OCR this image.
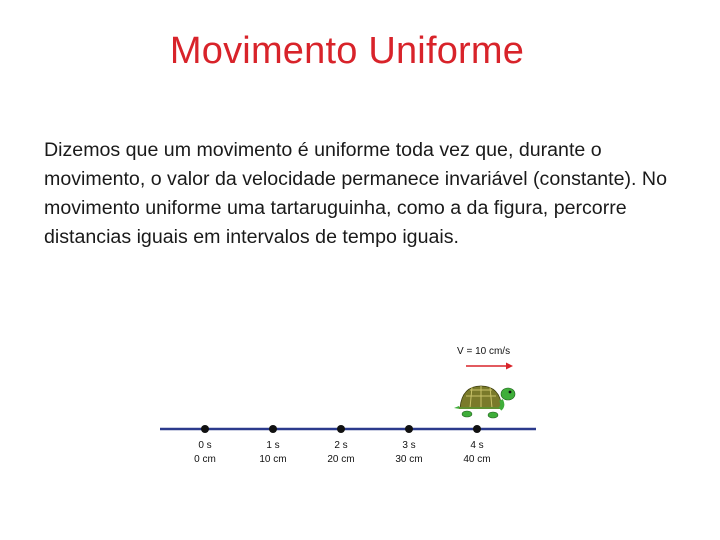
Movimento Uniforme
Dizemos que um movimento é uniforme toda vez que, durante o movimento, o valor da velocidade permanece invariável (constante). No movimento uniforme uma tartaruguinha, como a da figura, percorre distancias iguais em intervalos de tempo iguais.
V = 10 cm/s
0 s
0 cm
1 s
10 cm
2 s
20 cm
3 s
30 cm
4 s
40 cm
